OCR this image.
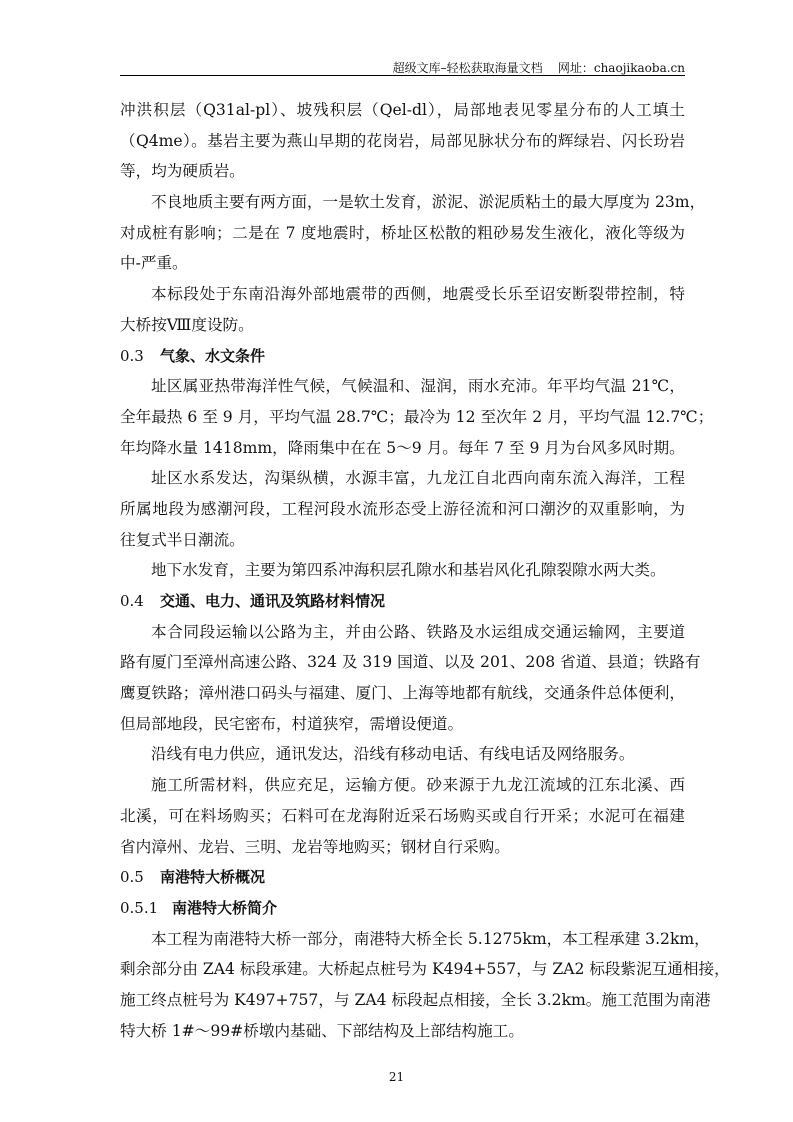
超级文库–轻松获取海量文档 网址：chaojikaoba.cn
冲洪积层（Q31al-pl）、坡残积层（Qel-dl），局部地表见零星分布的人工填土
（Q4me）。基岩主要为燕山早期的花岗岩，局部见脉状分布的辉绿岩、闪长玢岩
等，均为硬质岩。
不良地质主要有两方面，一是软土发育，淤泥、淤泥质粘土的最大厚度为 23m，
对成桩有影响；二是在 7 度地震时，桥址区松散的粗砂易发生液化，液化等级为
中-严重。
本标段处于东南沿海外部地震带的西侧，地震受长乐至诏安断裂带控制，特
大桥按Ⅷ度设防。
0.3 气象、水文条件
址区属亚热带海洋性气候，气候温和、湿润，雨水充沛。年平均气温 21℃，
全年最热 6 至 9 月，平均气温 28.7℃；最冷为 12 至次年 2 月，平均气温 12.7℃；
年均降水量 1418mm，降雨集中在在 5～9 月。每年 7 至 9 月为台风多风时期。
址区水系发达，沟渠纵横，水源丰富，九龙江自北西向南东流入海洋，工程
所属地段为感潮河段，工程河段水流形态受上游径流和河口潮汐的双重影响，为
往复式半日潮流。
地下水发育，主要为第四系冲海积层孔隙水和基岩风化孔隙裂隙水两大类。
0.4 交通、电力、通讯及筑路材料情况
本合同段运输以公路为主，并由公路、铁路及水运组成交通运输网，主要道
路有厦门至漳州高速公路、324 及 319 国道、以及 201、208 省道、县道；铁路有
鹰夏铁路；漳州港口码头与福建、厦门、上海等地都有航线，交通条件总体便利，
但局部地段，民宅密布，村道狭窄，需增设便道。
沿线有电力供应，通讯发达，沿线有移动电话、有线电话及网络服务。
施工所需材料，供应充足，运输方便。砂来源于九龙江流域的江东北溪、西
北溪，可在料场购买；石料可在龙海附近采石场购买或自行开采；水泥可在福建
省内漳州、龙岩、三明、龙岩等地购买；钢材自行采购。
0.5 南港特大桥概况
0.5.1 南港特大桥简介
本工程为南港特大桥一部分，南港特大桥全长 5.1275km，本工程承建 3.2km，
剩余部分由 ZA4 标段承建。大桥起点桩号为 K494+557，与 ZA2 标段紫泥互通相接，
施工终点桩号为 K497+757，与 ZA4 标段起点相接，全长 3.2km。施工范围为南港
特大桥 1#～99#桥墩内基础、下部结构及上部结构施工。
21
